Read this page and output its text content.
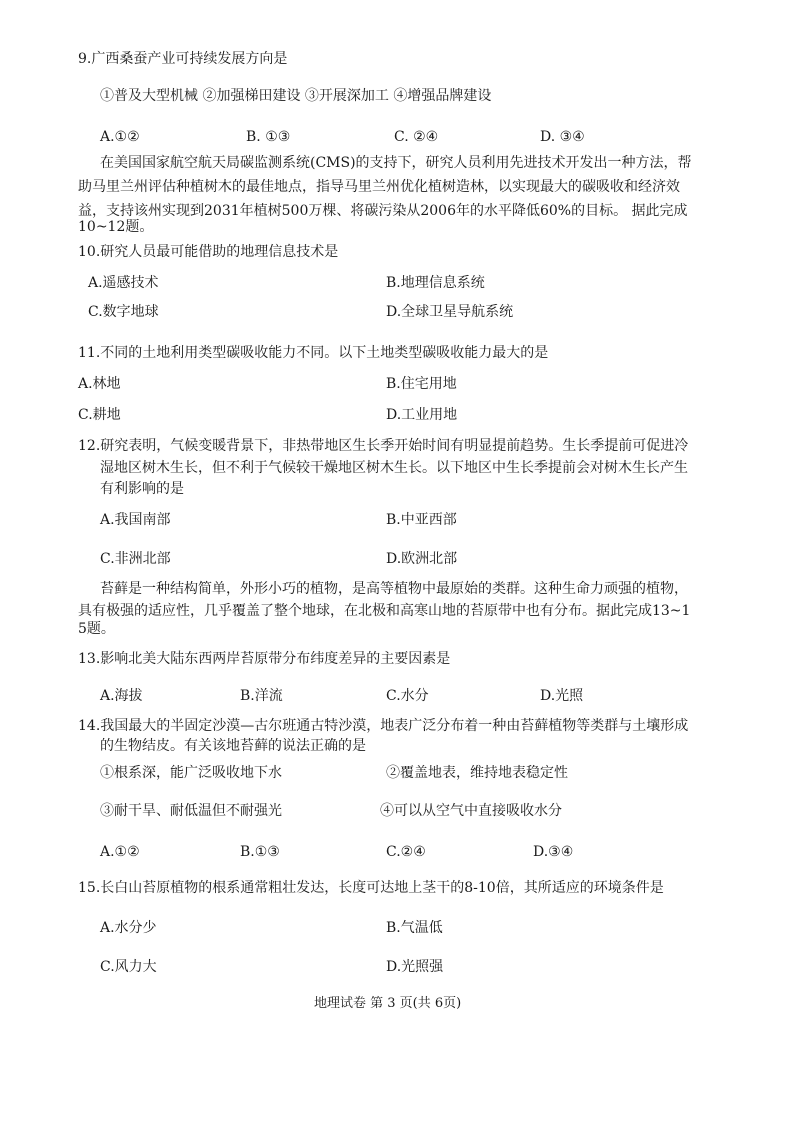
9.广西桑蚕产业可持续发展方向是
①普及大型机械 ②加强梯田建设 ③开展深加工 ④增强品牌建设
A.①②	B. ①③	C. ②④	D. ③④
在美国国家航空航天局碳监测系统(CMS)的支持下，研究人员利用先进技术开发出一种方法，帮
助马里兰州评估种植树木的最佳地点，指导马里兰州优化植树造林，以实现最大的碳吸收和经济效
益，支持该州实现到2031年植树500万棵、将碳污染从2006年的水平降低60%的目标。 据此完成
10~12题。
10.研究人员最可能借助的地理信息技术是
A.遥感技术	B.地理信息系统
C.数字地球	D.全球卫星导航系统
11.不同的土地利用类型碳吸收能力不同。以下土地类型碳吸收能力最大的是
A.林地	B.住宅用地
C.耕地	D.工业用地
12.研究表明，气候变暖背景下，非热带地区生长季开始时间有明显提前趋势。生长季提前可促进冷
湿地区树木生长，但不利于气候较干燥地区树木生长。以下地区中生长季提前会对树木生长产生
有利影响的是
A.我国南部	B.中亚西部
C.非洲北部	D.欧洲北部
苔藓是一种结构简单，外形小巧的植物，是高等植物中最原始的类群。这种生命力顽强的植物，
具有极强的适应性，几乎覆盖了整个地球，在北极和高寒山地的苔原带中也有分布。据此完成13~1
5题。
13.影响北美大陆东西两岸苔原带分布纬度差异的主要因素是
A.海拔	B.洋流	C.水分	D.光照
14.我国最大的半固定沙漠—古尔班通古特沙漠，地表广泛分布着一种由苔藓植物等类群与土壤形成
的生物结皮。有关该地苔藓的说法正确的是
①根系深，能广泛吸收地下水	②覆盖地表，维持地表稳定性
③耐干旱、耐低温但不耐强光	④可以从空气中直接吸收水分
A.①②	B.①③	C.②④	D.③④
15.长白山苔原植物的根系通常粗壮发达，长度可达地上茎干的8-10倍，其所适应的环境条件是
A.水分少	B.气温低
C.风力大	D.光照强
地理试卷 第 3 页(共 6页)
